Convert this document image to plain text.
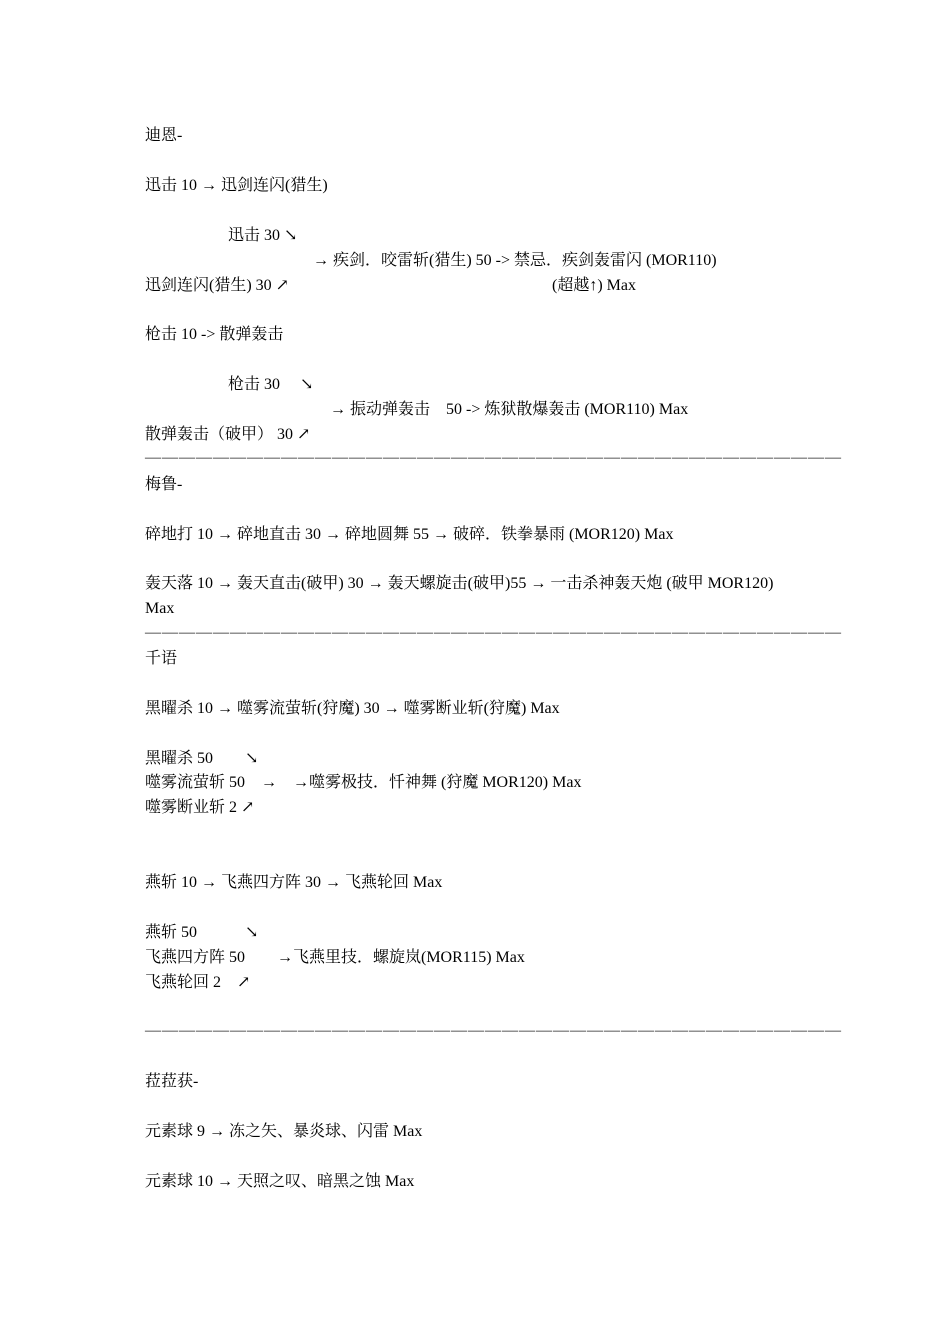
迪恩-
迅击 10 → 迅剑连闪(猎生)
迅击 30 ↘
→ 疾剑．咬雷斩(猎生) 50 -> 禁忌．疾剑轰雷闪 (MOR110)
迅剑连闪(猎生) 30 ↗	(超越↑) Max
枪击 10 -> 散弹轰击
枪击 30 　↘
→ 振动弹轰击　50 -> 炼狱散爆轰击 (MOR110) Max
散弹轰击（破甲） 30 ↗
—————————————————————————————————————————
梅鲁-
碎地打 10 → 碎地直击 30 → 碎地圆舞 55 → 破碎．铁拳暴雨 (MOR120) Max
轰天落 10 → 轰天直击(破甲) 30 → 轰天螺旋击(破甲)55 → 一击杀神轰天炮 (破甲 MOR120)
Max
—————————————————————————————————————————
千语
黑曜杀 10 → 噬雾流萤斩(狩魔) 30 → 噬雾断业斩(狩魔) Max
黑曜杀 50　　↘
噬雾流萤斩 50　→　→噬雾极技．忏神舞 (狩魔 MOR120) Max
噬雾断业斩 2 ↗
燕斩 10 → 飞燕四方阵 30 → 飞燕轮回 Max
燕斩 50　　　↘
飞燕四方阵 50　　→飞燕里技．螺旋岚(MOR115) Max
飞燕轮回 2　↗
—————————————————————————————————————————
菈菈获-
元素球 9 → 冻之矢、暴炎球、闪雷 Max
元素球 10 → 天照之叹、暗黑之蚀 Max
